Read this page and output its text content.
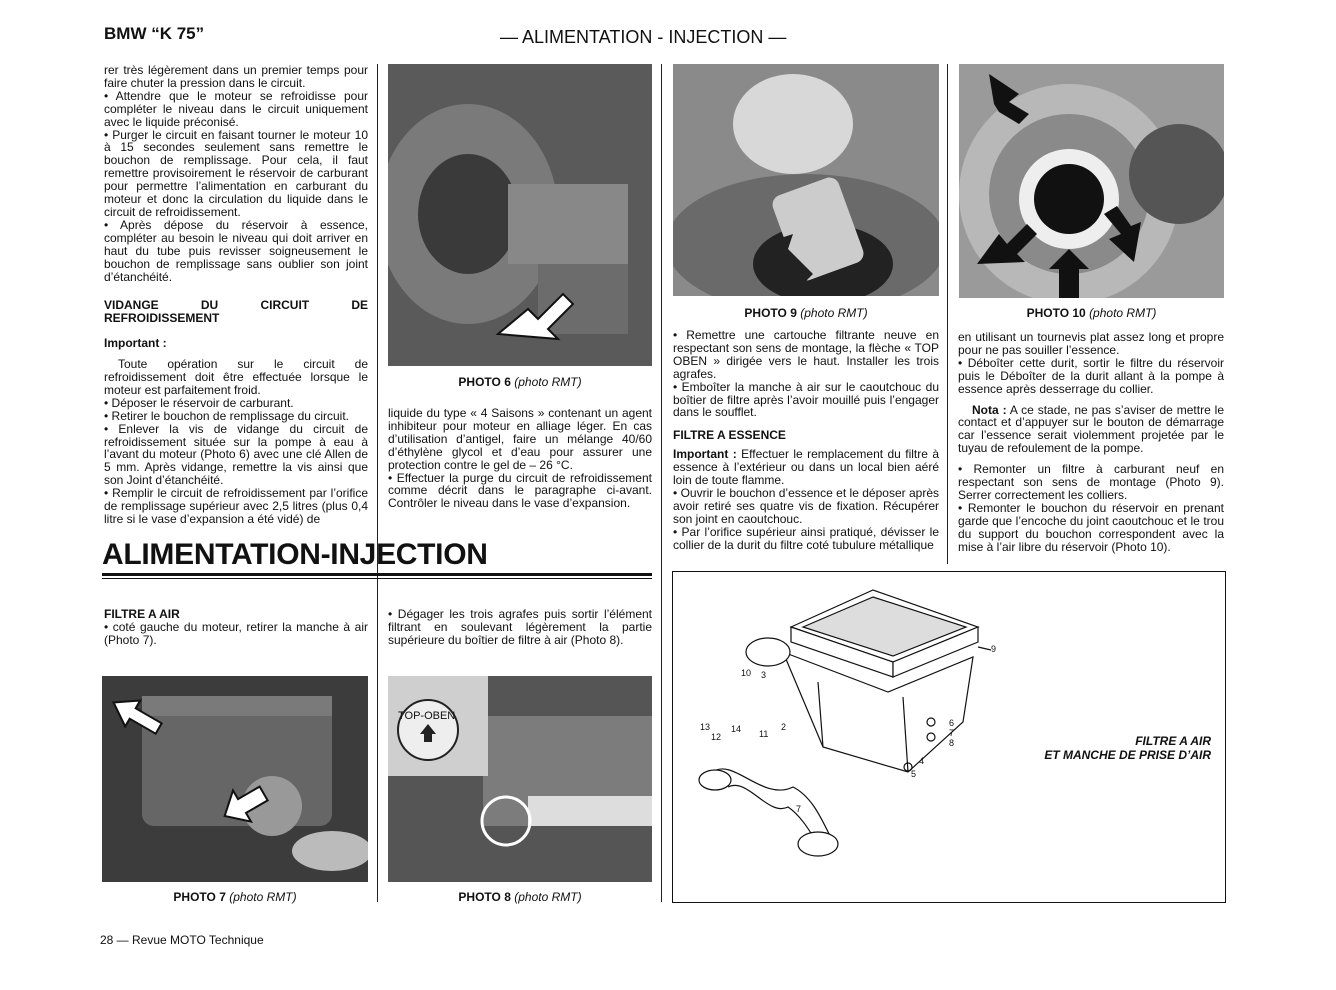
BMW “K 75”	— ALIMENTATION - INJECTION —

rer très légèrement dans un premier temps pour faire chuter la pression dans le circuit.

• Attendre que le moteur se refroidisse pour compléter le niveau dans le circuit uniquement avec le liquide préconisé.

• Purger le circuit en faisant tourner le moteur 10 à 15 secondes seulement sans remettre le bouchon de remplissage. Pour cela, il faut remettre provisoirement le réservoir de carburant pour permettre l’alimentation en carburant du moteur et donc la circulation du liquide dans le circuit de refroidissement.

• Après dépose du réservoir à essence, compléter au besoin le niveau qui doit arriver en haut du tube puis revisser soigneusement le bouchon de remplissage sans oublier son joint d’étanchéité.

VIDANGE DU CIRCUIT DE REFROIDISSEMENT

Important :

Toute opération sur le circuit de refroidissement doit être effectuée lorsque le moteur est parfaitement froid.

• Déposer le réservoir de carburant.

• Retirer le bouchon de remplissage du circuit.

• Enlever la vis de vidange du circuit de refroidissement située sur la pompe à eau à l’avant du moteur (Photo 6) avec une clé Allen de 5 mm. Après vidange, remettre la vis ainsi que son Joint d’étanchéité.

• Remplir le circuit de refroidissement par l’orifice de remplissage supérieur avec 2,5 litres (plus 0,4 litre si le vase d’expansion a été vidé) de

PHOTO 6 (photo RMT)

liquide du type « 4 Saisons » contenant un agent inhibiteur pour moteur en alliage léger. En cas d’utilisation d’antigel, faire un mélange 40/60 d’éthylène glycol et d’eau pour assurer une protection contre le gel de – 26 °C.

• Effectuer la purge du circuit de refroidissement comme décrit dans le paragraphe ci-avant. Contrôler le niveau dans le vase d’expansion.

PHOTO 9 (photo RMT)

• Remettre une cartouche filtrante neuve en respectant son sens de montage, la flèche « TOP OBEN » dirigée vers le haut. Installer les trois agrafes.

• Emboîter la manche à air sur le caoutchouc du boîtier de filtre après l’avoir mouillé puis l’engager dans le soufflet.

FILTRE A ESSENCE

Important : Effectuer le remplacement du filtre à essence à l’extérieur ou dans un local bien aéré loin de toute flamme.

• Ouvrir le bouchon d’essence et le déposer après avoir retiré ses quatre vis de fixation. Récupérer son joint en caoutchouc.

• Par l’orifice supérieur ainsi pratiqué, dévisser le collier de la durit du filtre coté tubulure métallique

PHOTO 10 (photo RMT)

en utilisant un tournevis plat assez long et propre pour ne pas souiller l’essence.

• Déboîter cette durit, sortir le filtre du réservoir puis le Déboîter de la durit allant à la pompe à essence après desserrage du collier.

Nota : A ce stade, ne pas s’aviser de mettre le contact et d’appuyer sur le bouton de démarrage car l’essence serait violemment projetée par le tuyau de refoulement de la pompe.

• Remonter un filtre à carburant neuf en respectant son sens de montage (Photo 9). Serrer correctement les colliers.

• Remonter le bouchon du réservoir en prenant garde que l’encoche du joint caoutchouc et le trou du support du bouchon correspondent avec la mise à l’air libre du réservoir (Photo 10).

ALIMENTATION-INJECTION

FILTRE A AIR

• coté gauche du moteur, retirer la manche à air (Photo 7).

• Dégager les trois agrafes puis sortir l’élément filtrant en soulevant légèrement la partie supérieure du boîtier de filtre à air (Photo 8).

PHOTO 7 (photo RMT)
TOP-OBEN
PHOTO 8 (photo RMT)
9
10 3
13
12
14 11
2	6
7
8
4
5
7
FILTRE A AIR
ET MANCHE DE PRISE D’AIR
28 — Revue MOTO Technique
